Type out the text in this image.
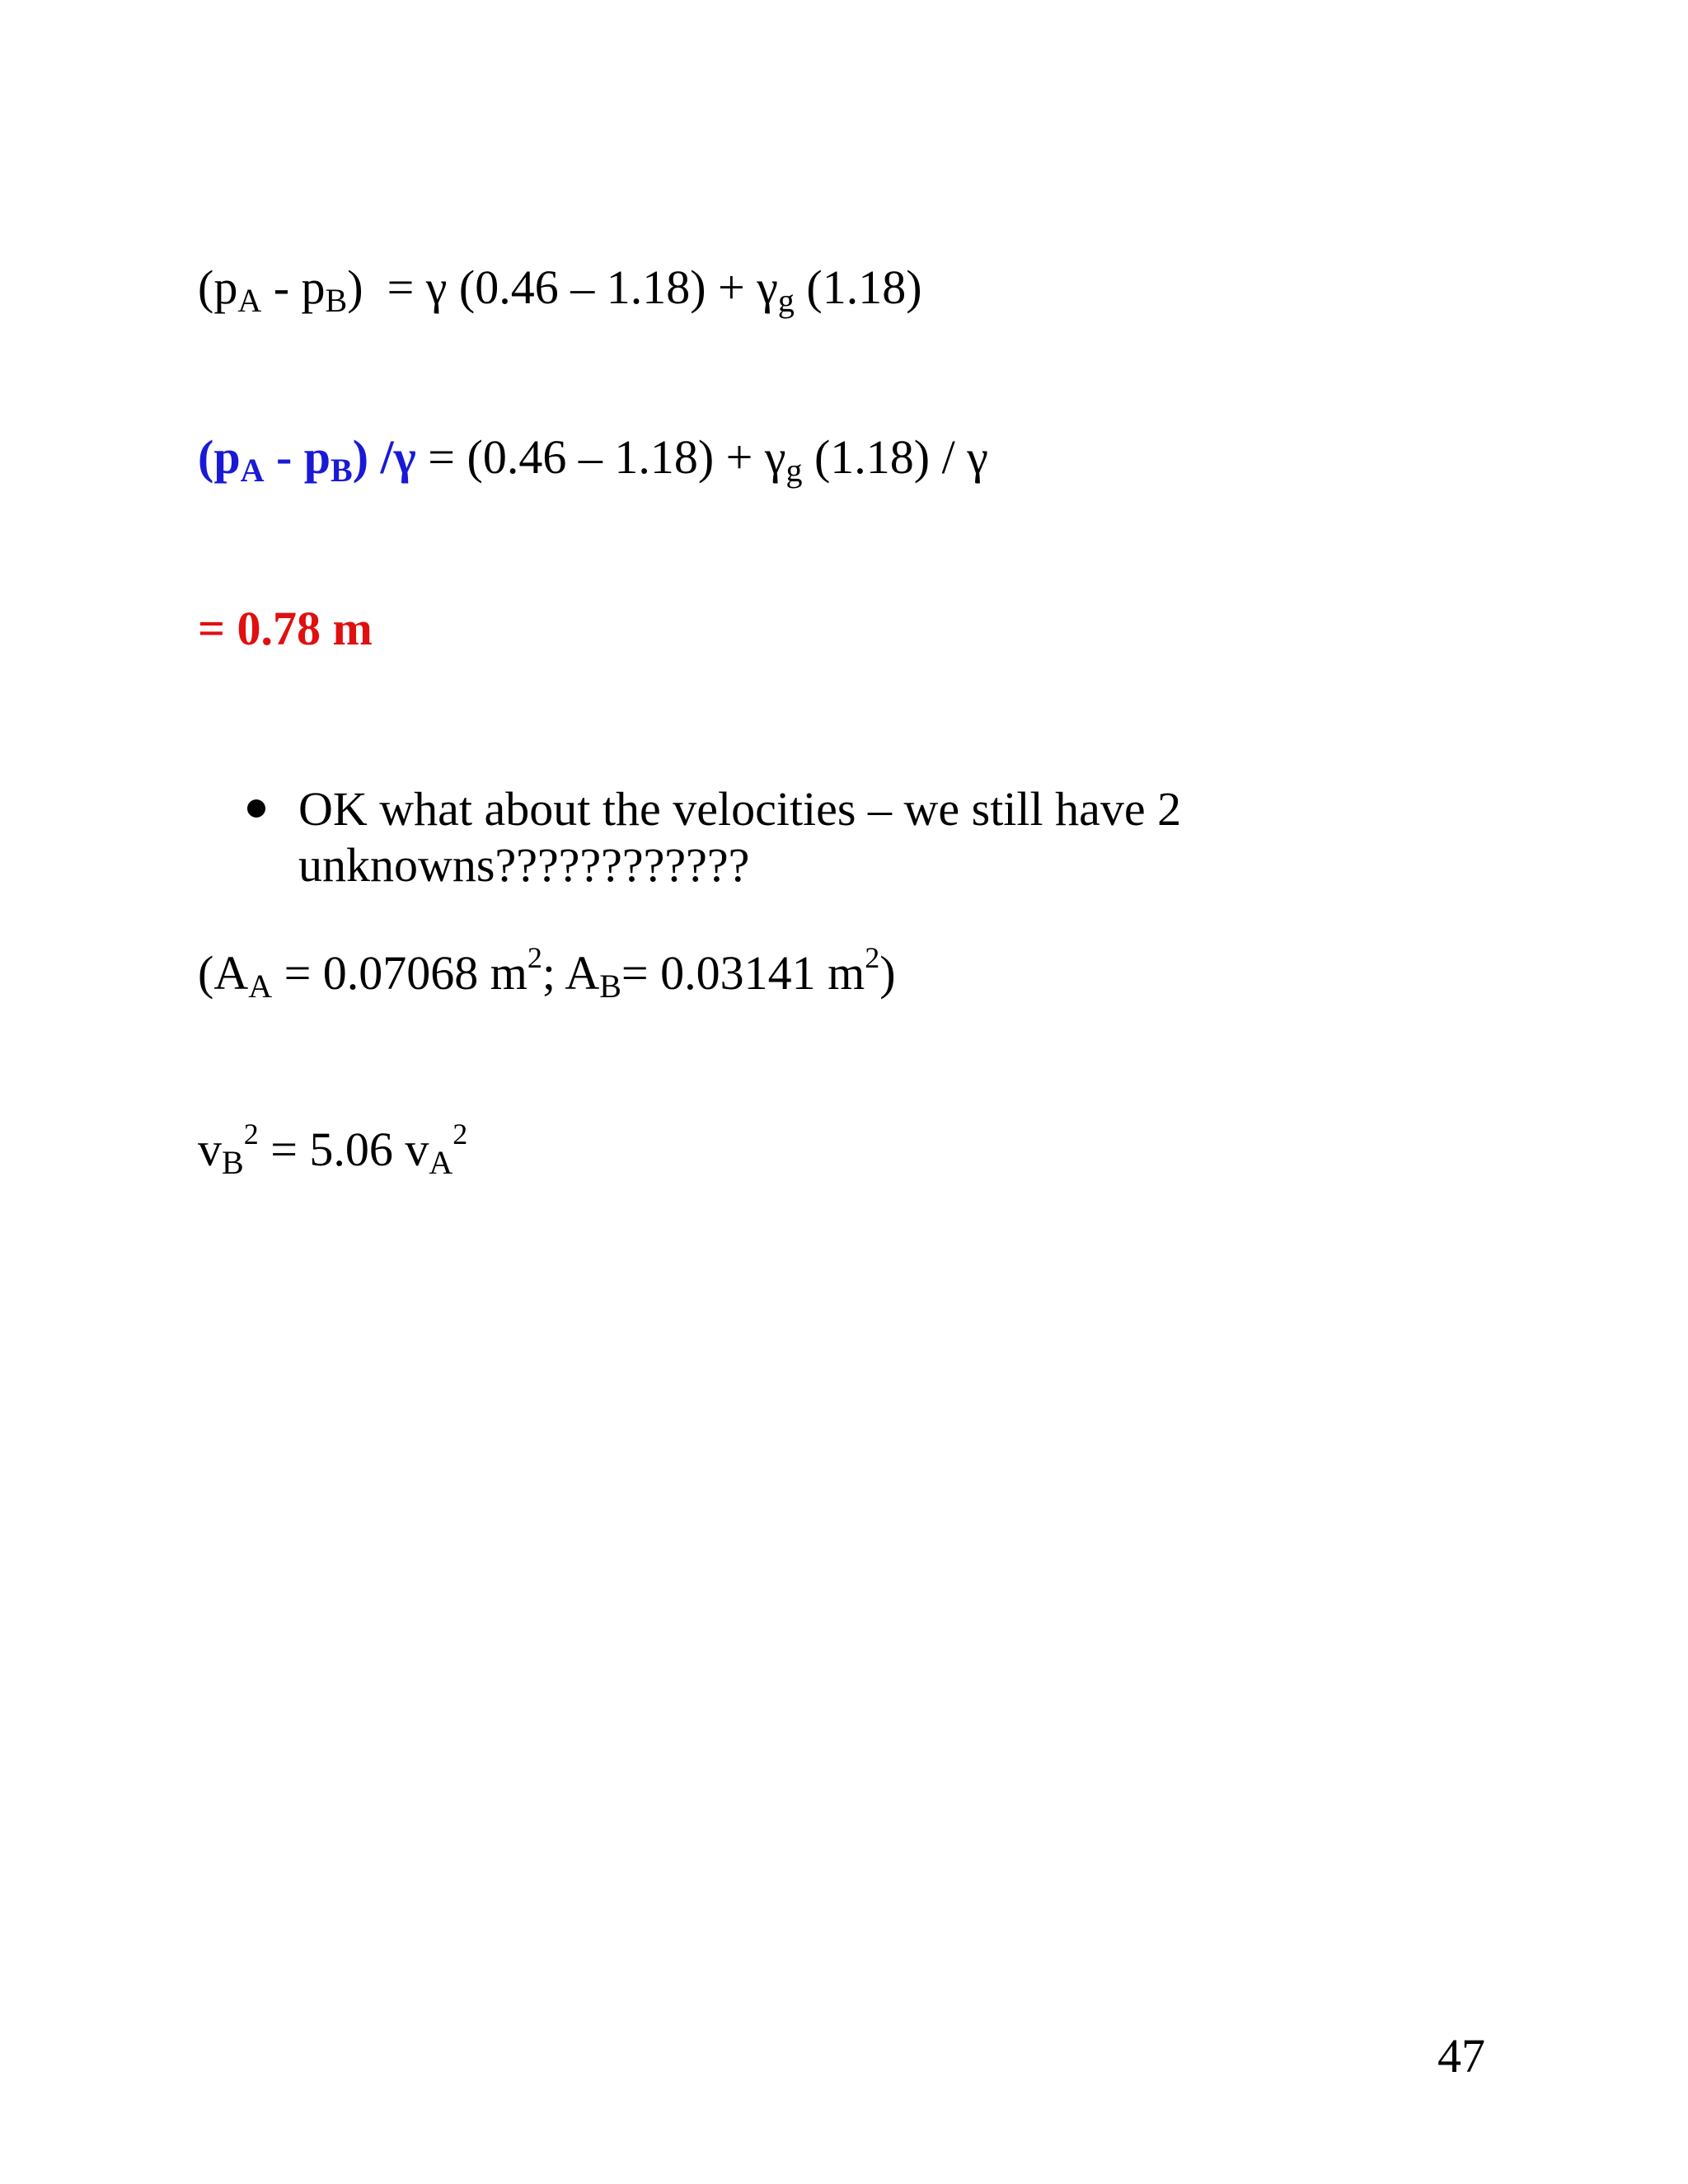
$(p_A - p_B) = \gamma$ $(0.46 - 1.18) + \gamma_g$ (1.18)
$(p_A - p_B) /\gamma = (0.46 - 1.18) + \gamma_g$ (1.18) / γ
= 0.78 m
OK what about the velocities – we still have 2 unknowns????????????
($A_A = 0.07068$ $m^2$; $A_B= 0.03141$ $m^2$)
$v_B^2 = 5.06$ $v_A^2$
47
